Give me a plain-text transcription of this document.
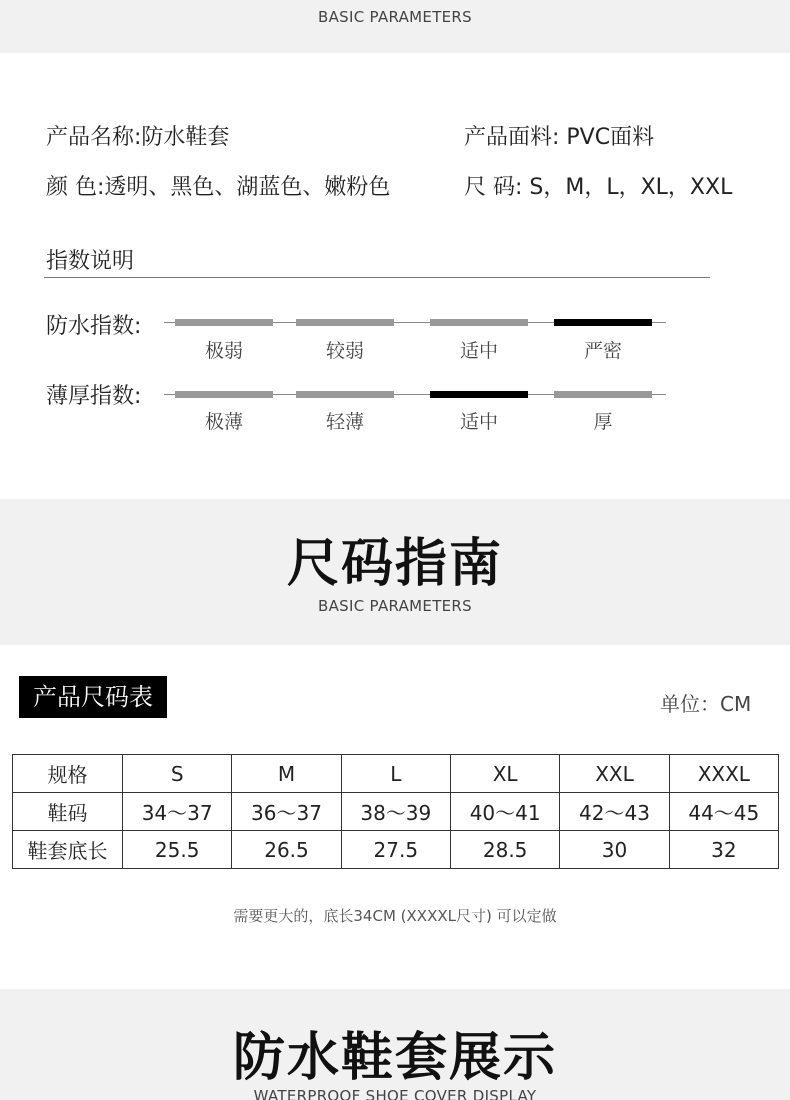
BASIC PARAMETERS
产品名称:防水鞋套	产品面料: PVC面料
颜 色:透明、黑色、湖蓝色、嫩粉色	尺 码: S，M，L，XL，XXL
指数说明
防水指数:
极弱	较弱	适中	严密
薄厚指数:
极薄	轻薄	适中	厚
尺码指南
BASIC PARAMETERS
产品尺码表	单位：CM
规格	S	M	L	XL	XXL	XXXL
鞋码	34～37	36～37	38～39	40～41	42～43	44～45
鞋套底长	25.5	26.5	27.5	28.5	30	32
需要更大的，底长34CM (XXXXL尺寸) 可以定做
防水鞋套展示
WATERPROOF SHOE COVER DISPLAY
